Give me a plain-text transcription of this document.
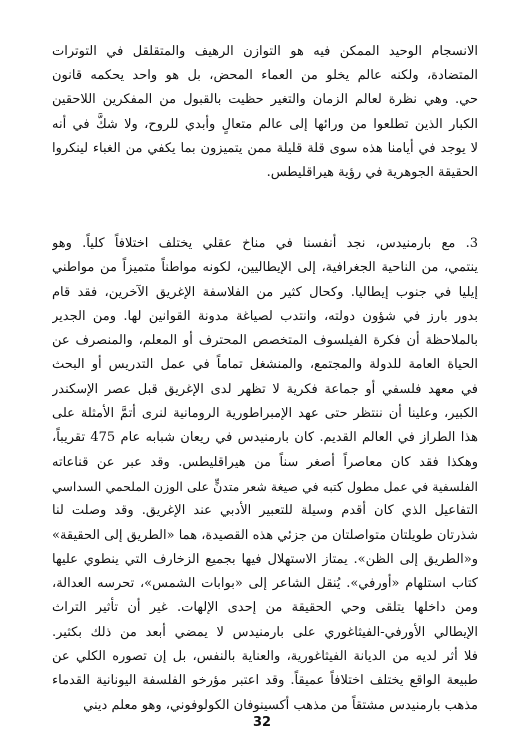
الانسجام الوحيد الممكن فيه هو التوازن الرهيف والمتقلقل في التوترات
المتضادة، ولكنه عالم يخلو من العماء المحض، بل هو واحد يحكمه قانون
حي. وهي نظرة لعالم الزمان والتغير حظيت بالقبول من المفكرين اللاحقين
الكبار الذين تطلعوا من ورائها إلى عالم متعالٍ وأبدي للروح، ولا شكَّ في أنه
لا يوجد في أيامنا هذه سوى قلة قليلة ممن يتميزون بما يكفي من الغباء لينكروا
الحقيقة الجوهرية في رؤية هيراقليطس.
3. مع بارمنيدس، نجد أنفسنا في مناخ عقلي يختلف اختلافاً كلياً. وهو
ينتمي، من الناحية الجغرافية، إلى الإيطاليين، لكونه مواطناً متميزاً من مواطني
إيليا في جنوب إيطاليا. وكحال كثير من الفلاسفة الإغريق الآخرين، فقد قام
بدور بارز في شؤون دولته، وانتدب لصياغة مدونة القوانين لها. ومن الجدير
بالملاحظة أن فكرة الفيلسوف المتخصص المحترف أو المعلم، والمنصرف عن
الحياة العامة للدولة والمجتمع، والمنشغل تماماً في عمل التدريس أو البحث
في معهد فلسفي أو جماعة فكرية لا تظهر لدى الإغريق قبل عصر الإسكندر
الكبير، وعلينا أن ننتظر حتى عهد الإمبراطورية الرومانية لنرى أتمَّ الأمثلة على
هذا الطراز في العالم القديم. كان بارمنيدس في ريعان شبابه عام 475 تقريباً،
وهكذا فقد كان معاصراً أصغر سناً من هيراقليطس. وقد عبر عن قناعاته
الفلسفية في عمل مطول كتبه في صيغة شعر متدنٍّ على الوزن الملحمي السداسي
التفاعيل الذي كان أقدم وسيلة للتعبير الأدبي عند الإغريق. وقد وصلت لنا
شذرتان طويلتان متواصلتان من جزئي هذه القصيدة، هما «الطريق إلى الحقيقة»
و«الطريق إلى الظن». يمتاز الاستهلال فيها بجميع الزخارف التي ينطوي عليها
كتاب استلهام «أورفي». يُنقل الشاعر إلى «بوابات الشمس»، تحرسه العدالة،
ومن داخلها يتلقى وحي الحقيقة من إحدى الإلهات. غير أن تأثير التراث
الإيطالي الأورفي-الفيثاغوري على بارمنيدس لا يمضي أبعد من ذلك بكثير.
فلا أثر لديه من الديانة الفيثاغورية، والعناية بالنفس، بل إن تصوره الكلي عن
طبيعة الواقع يختلف اختلافاً عميقاً. وقد اعتبر مؤرخو الفلسفة اليونانية القدماء
مذهب بارمنيدس مشتقاً من مذهب أكسينوفان الكولوفوني، وهو معلم ديني
32
